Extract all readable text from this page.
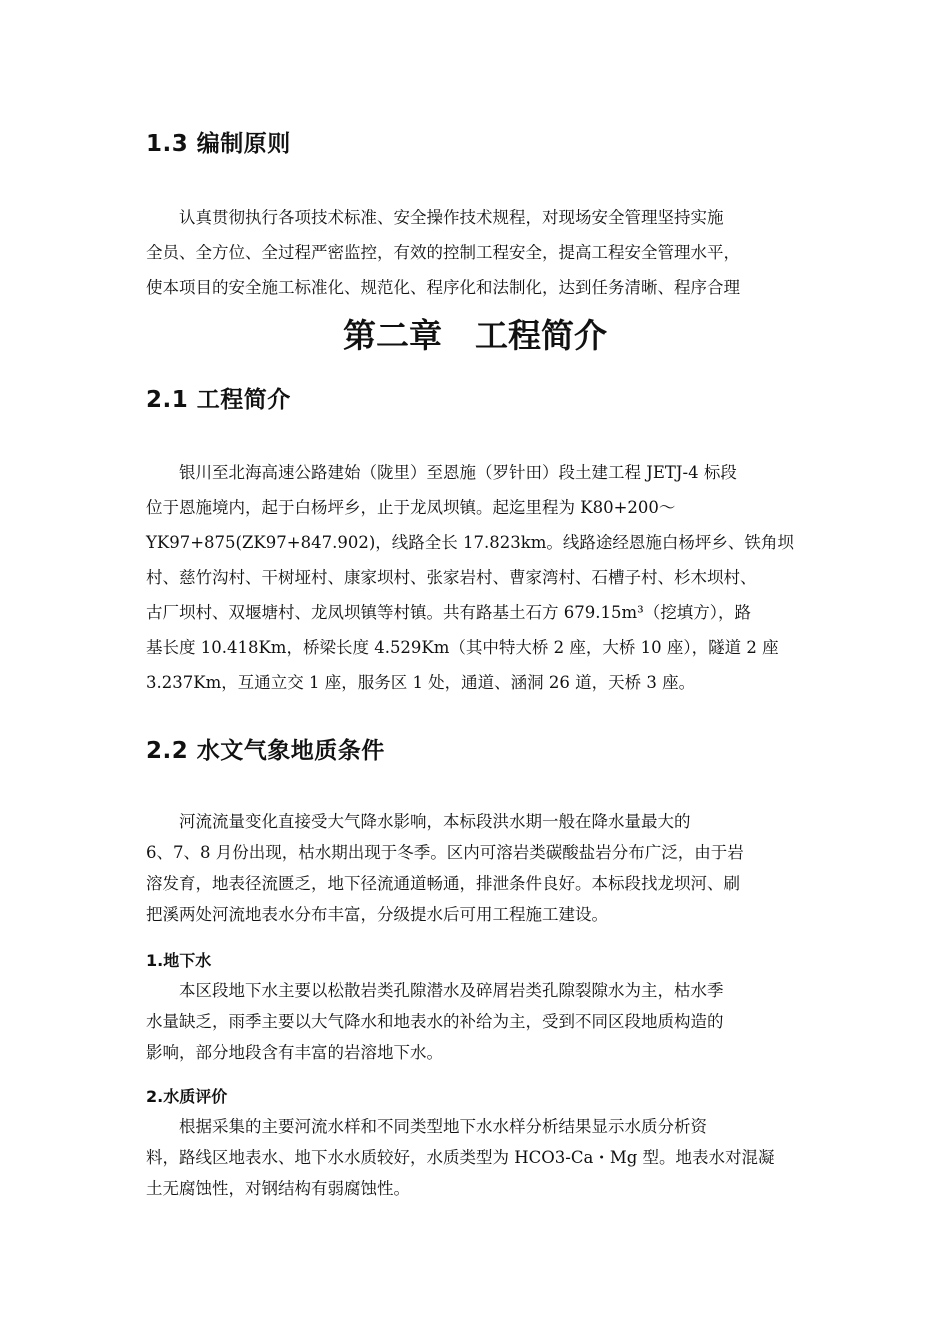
1.3 编制原则
认真贯彻执行各项技术标准、安全操作技术规程，对现场安全管理坚持实施
全员、全方位、全过程严密监控，有效的控制工程安全，提高工程安全管理水平，
使本项目的安全施工标准化、规范化、程序化和法制化，达到任务清晰、程序合理
第二章　工程简介
2.1 工程简介
银川至北海高速公路建始（陇里）至恩施（罗针田）段土建工程 JETJ-4 标段
位于恩施境内，起于白杨坪乡，止于龙凤坝镇。起迄里程为 K80+200～
YK97+875(ZK97+847.902)，线路全长 17.823km。线路途经恩施白杨坪乡、铁角坝
村、慈竹沟村、干树垭村、康家坝村、张家岩村、曹家湾村、石槽子村、杉木坝村、
古厂坝村、双堰塘村、龙凤坝镇等村镇。共有路基土石方 679.15m³（挖填方），路
基长度 10.418Km，桥梁长度 4.529Km（其中特大桥 2 座，大桥 10 座），隧道 2 座
3.237Km，互通立交 1 座，服务区 1 处，通道、涵洞 26 道，天桥 3 座。
2.2 水文气象地质条件
河流流量变化直接受大气降水影响，本标段洪水期一般在降水量最大的
6、7、8 月份出现，枯水期出现于冬季。区内可溶岩类碳酸盐岩分布广泛，由于岩
溶发育，地表径流匮乏，地下径流通道畅通，排泄条件良好。本标段找龙坝河、刷
把溪两处河流地表水分布丰富，分级提水后可用工程施工建设。
1.地下水
本区段地下水主要以松散岩类孔隙潜水及碎屑岩类孔隙裂隙水为主，枯水季
水量缺乏，雨季主要以大气降水和地表水的补给为主，受到不同区段地质构造的
影响，部分地段含有丰富的岩溶地下水。
2.水质评价
根据采集的主要河流水样和不同类型地下水水样分析结果显示水质分析资
料，路线区地表水、地下水水质较好，水质类型为 HCO3-Ca・Mg 型。地表水对混凝
土无腐蚀性，对钢结构有弱腐蚀性。
